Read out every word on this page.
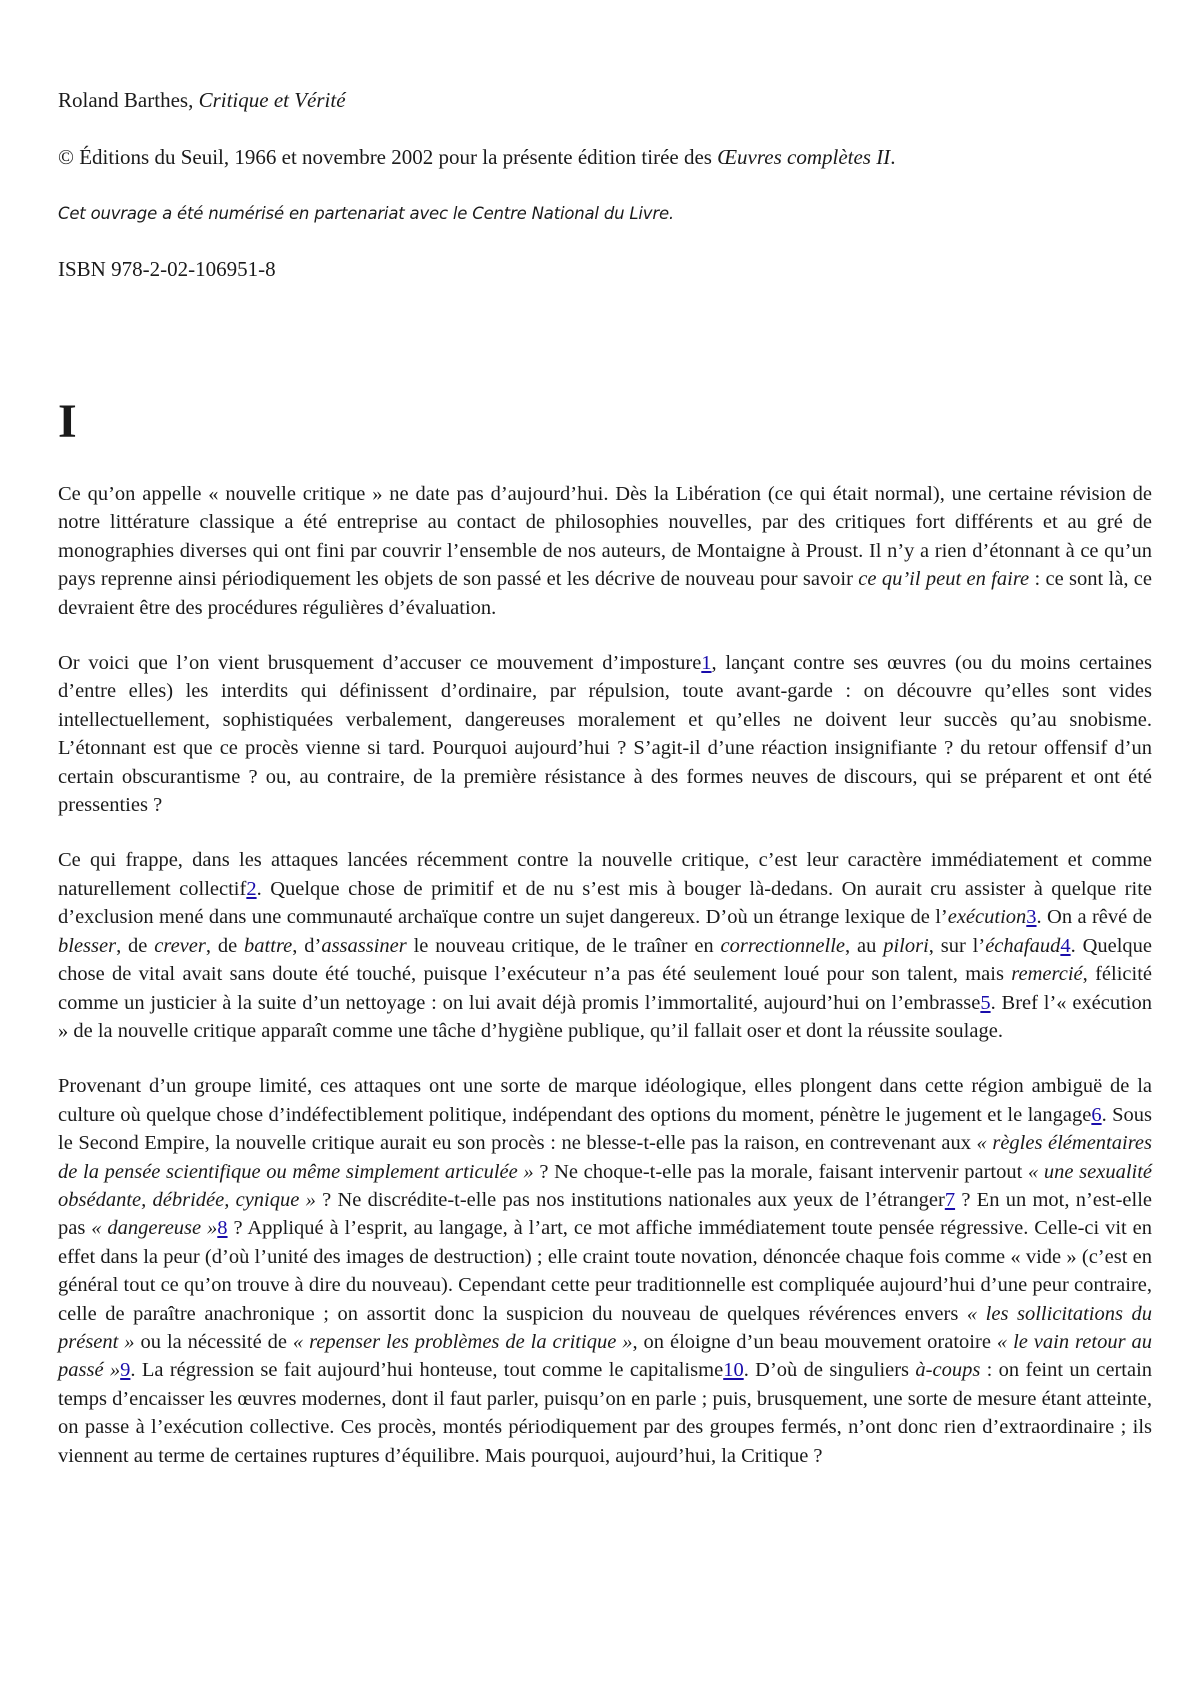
Roland Barthes, Critique et Vérité
© Éditions du Seuil, 1966 et novembre 2002 pour la présente édition tirée des Œuvres complètes II.
Cet ouvrage a été numérisé en partenariat avec le Centre National du Livre.
ISBN 978-2-02-106951-8
I

Ce qu’on appelle « nouvelle critique » ne date pas d’aujourd’hui. Dès la Libération (ce qui était normal), une certaine révision de notre littérature classique a été entreprise au contact de philosophies nouvelles, par des critiques fort différents et au gré de monographies diverses qui ont fini par couvrir l’ensemble de nos auteurs, de Montaigne à Proust. Il n’y a rien d’étonnant à ce qu’un pays reprenne ainsi périodiquement les objets de son passé et les décrive de nouveau pour savoir ce qu’il peut en faire : ce sont là, ce devraient être des procédures régulières d’évaluation.

Or voici que l’on vient brusquement d’accuser ce mouvement d’imposture1, lançant contre ses œuvres (ou du moins certaines d’entre elles) les interdits qui définissent d’ordinaire, par répulsion, toute avant-garde : on découvre qu’elles sont vides intellectuellement, sophistiquées verbalement, dangereuses moralement et qu’elles ne doivent leur succès qu’au snobisme. L’étonnant est que ce procès vienne si tard. Pourquoi aujourd’hui ? S’agit-il d’une réaction insignifiante ? du retour offensif d’un certain obscurantisme ? ou, au contraire, de la première résistance à des formes neuves de discours, qui se préparent et ont été pressenties ?

Ce qui frappe, dans les attaques lancées récemment contre la nouvelle critique, c’est leur caractère immédiatement et comme naturellement collectif2. Quelque chose de primitif et de nu s’est mis à bouger là-dedans. On aurait cru assister à quelque rite d’exclusion mené dans une communauté archaïque contre un sujet dangereux. D’où un étrange lexique de l’exécution3. On a rêvé de blesser, de crever, de battre, d’assassiner le nouveau critique, de le traîner en correctionnelle, au pilori, sur l’échafaud4. Quelque chose de vital avait sans doute été touché, puisque l’exécuteur n’a pas été seulement loué pour son talent, mais remercié, félicité comme un justicier à la suite d’un nettoyage : on lui avait déjà promis l’immortalité, aujourd’hui on l’embrasse5. Bref l’« exécution » de la nouvelle critique apparaît comme une tâche d’hygiène publique, qu’il fallait oser et dont la réussite soulage.

Provenant d’un groupe limité, ces attaques ont une sorte de marque idéologique, elles plongent dans cette région ambiguë de la culture où quelque chose d’indéfectiblement politique, indépendant des options du moment, pénètre le jugement et le langage6. Sous le Second Empire, la nouvelle critique aurait eu son procès : ne blesse-t-elle pas la raison, en contrevenant aux « règles élémentaires de la pensée scientifique ou même simplement articulée » ? Ne choque-t-elle pas la morale, faisant intervenir partout « une sexualité obsédante, débridée, cynique » ? Ne discrédite-t-elle pas nos institutions nationales aux yeux de l’étranger7 ? En un mot, n’est-elle pas « dangereuse »8 ? Appliqué à l’esprit, au langage, à l’art, ce mot affiche immédiatement toute pensée régressive. Celle-ci vit en effet dans la peur (d’où l’unité des images de destruction) ; elle craint toute novation, dénoncée chaque fois comme « vide » (c’est en général tout ce qu’on trouve à dire du nouveau). Cependant cette peur traditionnelle est compliquée aujourd’hui d’une peur contraire, celle de paraître anachronique ; on assortit donc la suspicion du nouveau de quelques révérences envers « les sollicitations du présent » ou la nécessité de « repenser les problèmes de la critique », on éloigne d’un beau mouvement oratoire « le vain retour au passé »9. La régression se fait aujourd’hui honteuse, tout comme le capitalisme10. D’où de singuliers à-coups : on feint un certain temps d’encaisser les œuvres modernes, dont il faut parler, puisqu’on en parle ; puis, brusquement, une sorte de mesure étant atteinte, on passe à l’exécution collective. Ces procès, montés périodiquement par des groupes fermés, n’ont donc rien d’extraordinaire ; ils viennent au terme de certaines ruptures d’équilibre. Mais pourquoi, aujourd’hui, la Critique ?
